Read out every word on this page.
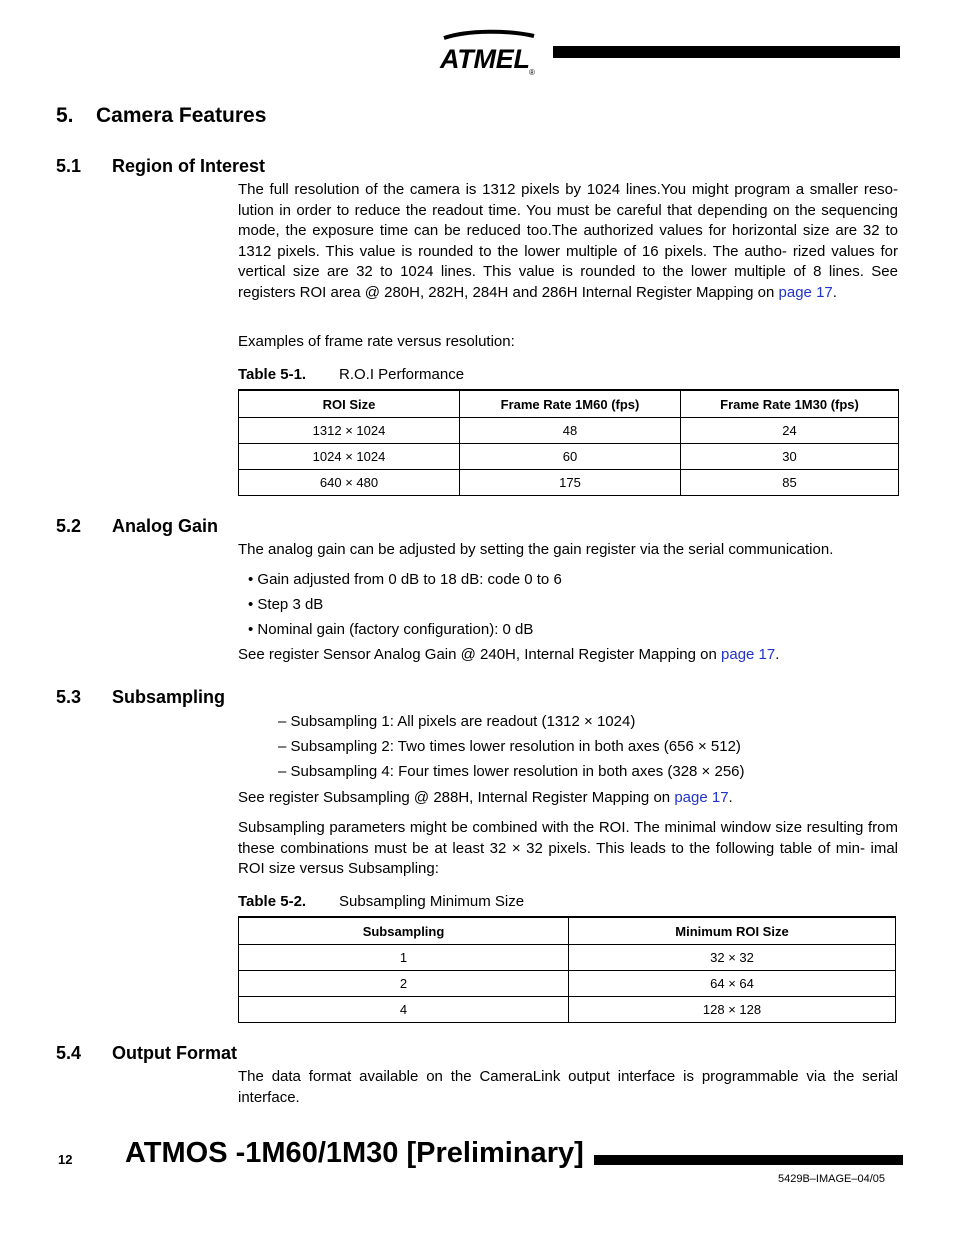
ATMEL ®
5. Camera Features
5.1 Region of Interest
The full resolution of the camera is 1312 pixels by 1024 lines.You might program a smaller reso- lution in order to reduce the readout time. You must be careful that depending on the sequencing mode, the exposure time can be reduced too.The authorized values for horizontal size are 32 to 1312 pixels. This value is rounded to the lower multiple of 16 pixels. The autho- rized values for vertical size are 32 to 1024 lines. This value is rounded to the lower multiple of 8 lines. See registers ROI area @ 280H, 282H, 284H and 286H Internal Register Mapping on page 17.
Examples of frame rate versus resolution:
Table 5-1. R.O.I Performance
ROI Size	Frame Rate 1M60 (fps)	Frame Rate 1M30 (fps)
1312 × 1024	48	24
1024 × 1024	60	30
640 × 480	175	85
5.2 Analog Gain
The analog gain can be adjusted by setting the gain register via the serial communication.
• Gain adjusted from 0 dB to 18 dB: code 0 to 6
• Step 3 dB
• Nominal gain (factory configuration): 0 dB
See register Sensor Analog Gain @ 240H, Internal Register Mapping on page 17.
5.3 Subsampling
– Subsampling 1: All pixels are readout (1312 × 1024)
– Subsampling 2: Two times lower resolution in both axes (656 × 512)
– Subsampling 4: Four times lower resolution in both axes (328 × 256)
See register Subsampling @ 288H, Internal Register Mapping on page 17.
Subsampling parameters might be combined with the ROI. The minimal window size resulting from these combinations must be at least 32 × 32 pixels. This leads to the following table of min- imal ROI size versus Subsampling:
Table 5-2. Subsampling Minimum Size
Subsampling	Minimum ROI Size
1	32 × 32
2	64 × 64
4	128 × 128
5.4 Output Format
The data format available on the CameraLink output interface is programmable via the serial interface.
12 ATMOS -1M60/1M30 [Preliminary]
5429B–IMAGE–04/05
